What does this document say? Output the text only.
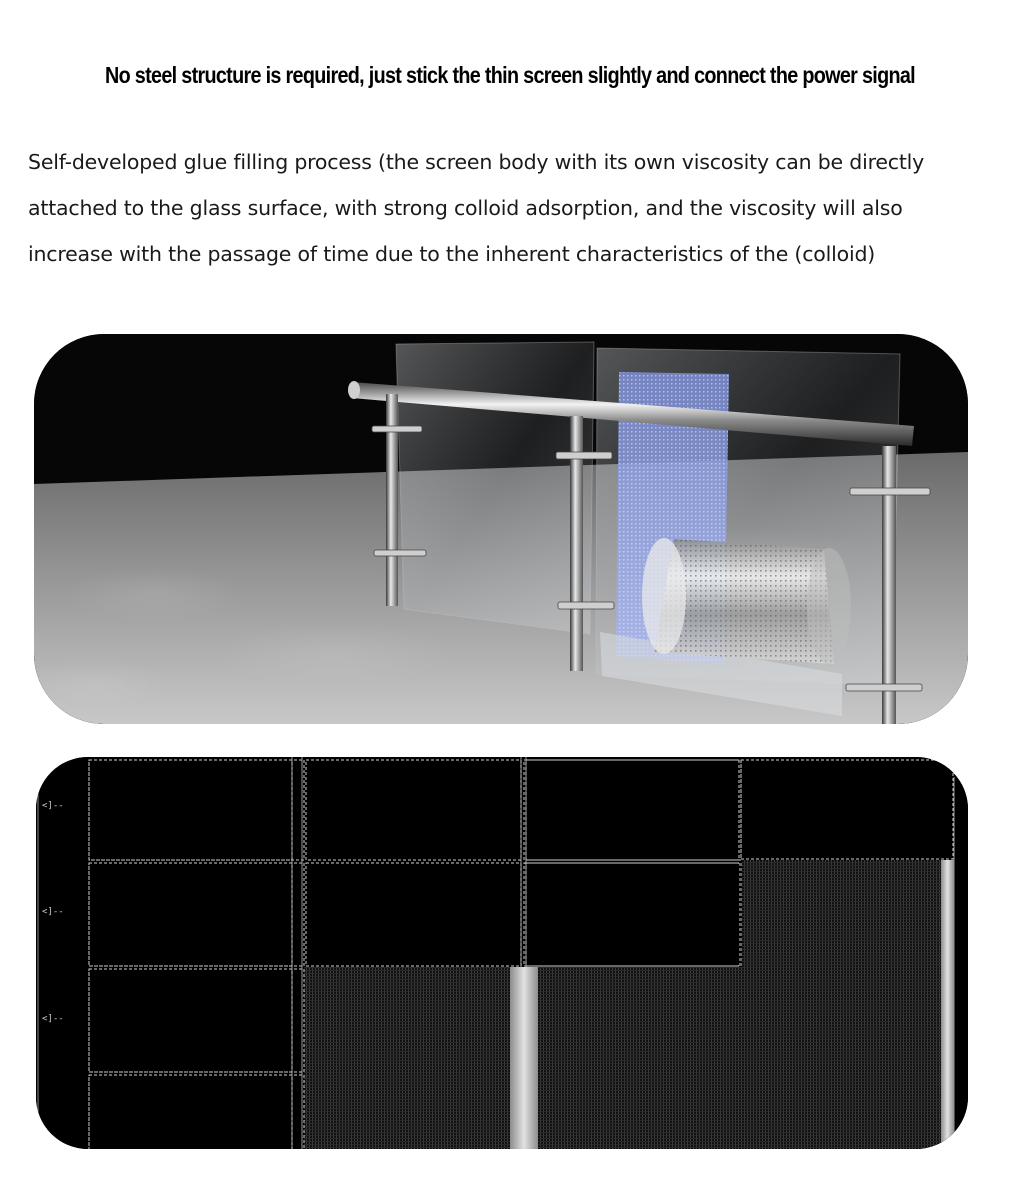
No steel structure is required, just stick the thin screen slightly and connect the power signal
Self-developed glue filling process (the screen body with its own viscosity can be directly
attached to the glass surface, with strong colloid adsorption, and the viscosity will also
increase with the passage of time due to the inherent characteristics of the (colloid)
<]--
<]--
<]--
